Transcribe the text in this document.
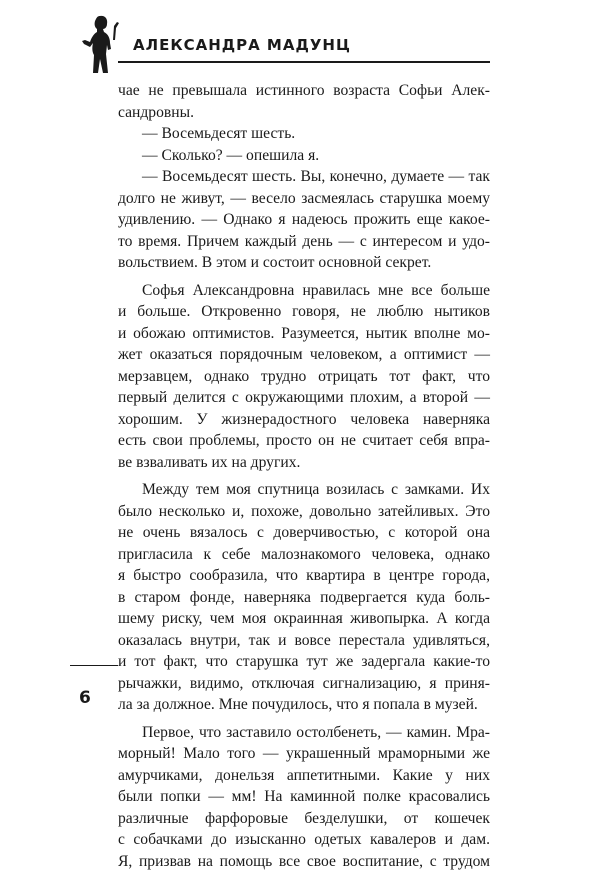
АЛЕКСАНДРА МАДУНЦ
чае не превышала истинного возраста Софьи Алек-
сандровны.
— Восемьдесят шесть.
— Сколько? — опешила я.
— Восемьдесят шесть. Вы, конечно, думаете — так
долго не живут, — весело засмеялась старушка моему
удивлению. — Однако я надеюсь прожить еще какое-
то время. Причем каждый день — с интересом и удо-
вольствием. В этом и состоит основной секрет.
Софья Александровна нравилась мне все больше
и больше. Откровенно говоря, не люблю нытиков
и обожаю оптимистов. Разумеется, нытик вполне мо-
жет оказаться порядочным человеком, а оптимист —
мерзавцем, однако трудно отрицать тот факт, что
первый делится с окружающими плохим, а второй —
хорошим. У жизнерадостного человека наверняка
есть свои проблемы, просто он не считает себя впра-
ве взваливать их на других.
Между тем моя спутница возилась с замками. Их
было несколько и, похоже, довольно затейливых. Это
не очень вязалось с доверчивостью, с которой она
пригласила к себе малознакомого человека, однако
я быстро сообразила, что квартира в центре города,
в старом фонде, наверняка подвергается куда боль-
шему риску, чем моя окраинная живопырка. А когда
оказалась внутри, так и вовсе перестала удивляться,
и тот факт, что старушка тут же задергала какие-то
рычажки, видимо, отключая сигнализацию, я приня-
ла за должное. Мне почудилось, что я попала в музей.
Первое, что заставило остолбенеть, — камин. Мра-
морный! Мало того — украшенный мраморными же
амурчиками, донельзя аппетитными. Какие у них
были попки — мм! На каминной полке красовались
различные фарфоровые безделушки, от кошечек
с собачками до изысканно одетых кавалеров и дам.
Я, призвав на помощь все свое воспитание, с трудом
6
